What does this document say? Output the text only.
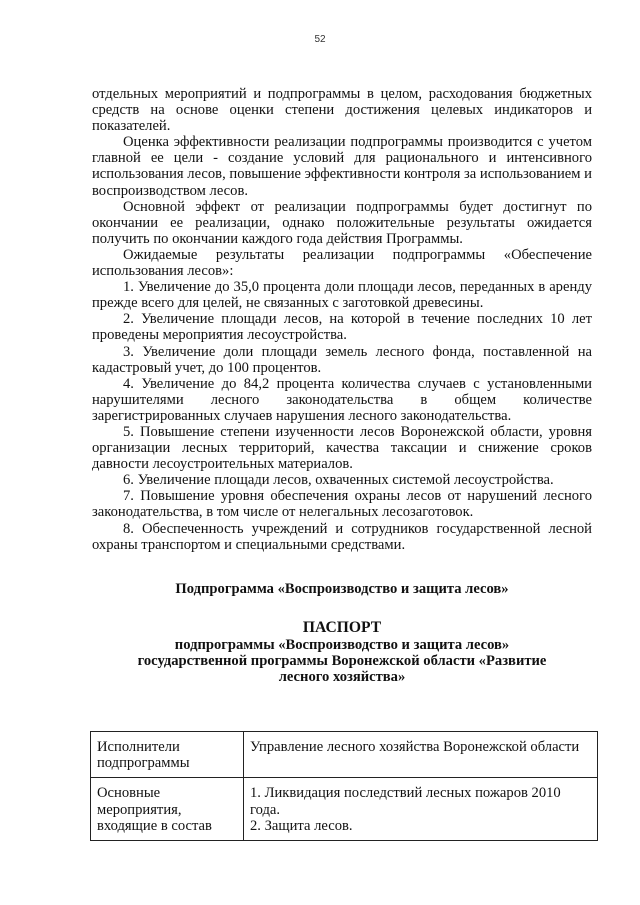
52

отдельных мероприятий и подпрограммы в целом, расходования бюджетных средств на основе оценки степени достижения целевых индикаторов и показателей.

Оценка эффективности реализации подпрограммы производится с учетом главной ее цели - создание условий для рационального и интенсивного использования лесов, повышение эффективности контроля за использованием и воспроизводством лесов.

Основной эффект от реализации подпрограммы будет достигнут по окончании ее реализации, однако положительные результаты ожидается получить по окончании каждого года действия Программы.

Ожидаемые результаты реализации подпрограммы «Обеспечение использования лесов»:

1. Увеличение до 35,0 процента доли площади лесов, переданных в аренду прежде всего для целей, не связанных с заготовкой древесины.

2. Увеличение площади лесов, на которой в течение последних 10 лет проведены мероприятия лесоустройства.

3. Увеличение доли площади земель лесного фонда, поставленной на кадастровый учет, до 100 процентов.

4. Увеличение до 84,2 процента количества случаев с установленными нарушителями лесного законодательства в общем количестве зарегистрированных случаев нарушения лесного законодательства.

5. Повышение степени изученности лесов Воронежской области, уровня организации лесных территорий, качества таксации и снижение сроков давности лесоустроительных материалов.

6. Увеличение площади лесов, охваченных системой лесоустройства.

7. Повышение уровня обеспечения охраны лесов от нарушений лесного законодательства, в том числе от нелегальных лесозаготовок.

8. Обеспеченность учреждений и сотрудников государственной лесной охраны транспортом и специальными средствами.

Подпрограмма «Воспроизводство и защита лесов»

ПАСПОРТ
подпрограммы «Воспроизводство и защита лесов»
государственной программы Воронежской области «Развитие
лесного хозяйства»
Исполнители
подпрограммы	Управление лесного хозяйства Воронежской области

Основные
мероприятия,
входящие в состав	1. Ликвидация последствий лесных пожаров 2010
года.
2. Защита лесов.
